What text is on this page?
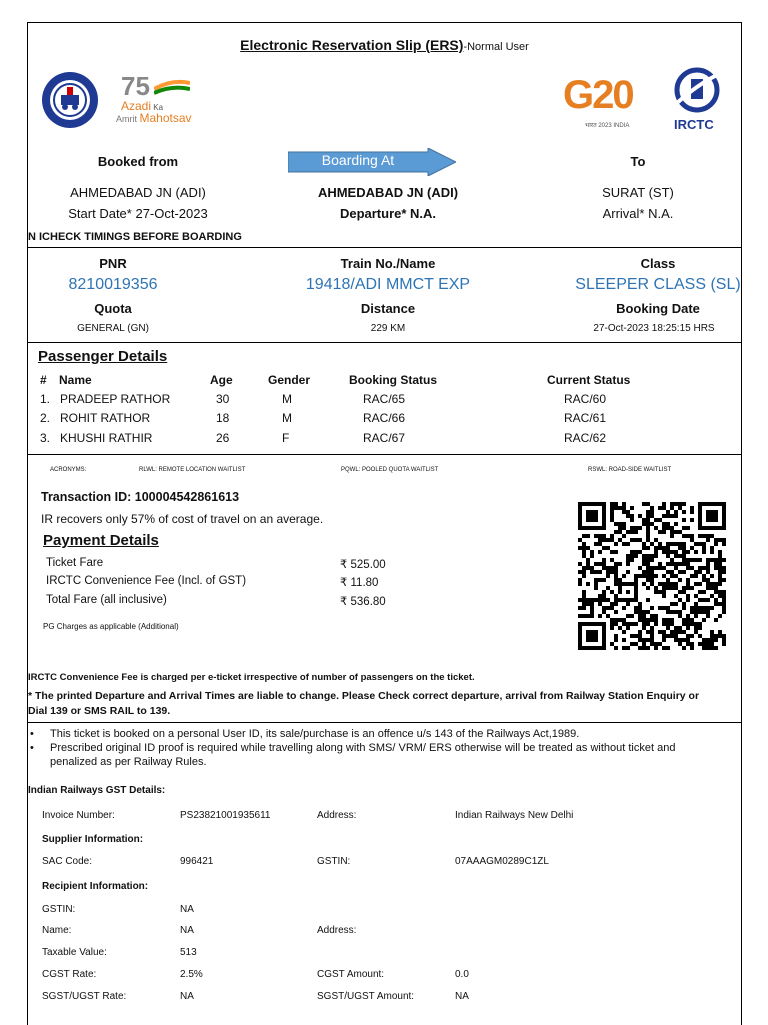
Electronic Reservation Slip (ERS)-Normal User
75
Azadi Ka
Amrit Mahotsav
G20
भारत 2023 INDIA	IRCTC
Booked from	Boarding At	To
AHMEDABAD JN (ADI)	AHMEDABAD JN (ADI)	SURAT (ST)
Start Date* 27-Oct-2023	Departure* N.A.	Arrival* N.A.
N ICHECK TIMINGS BEFORE BOARDING
PNR	Train No./Name	Class
8210019356	19418/ADI MMCT EXP	SLEEPER CLASS (SL)
Quota	Distance	Booking Date
GENERAL (GN)	229 KM	27-Oct-2023 18:25:15 HRS
Passenger Details
# Name	Age	Gender	Booking Status	Current Status
1. PRADEEP RATHOR	30	M	RAC/65	RAC/60
2. ROHIT RATHOR	18	M	RAC/66	RAC/61
3. KHUSHI RATHIR	26	F	RAC/67	RAC/62
ACRONYMS:	RLWL: REMOTE LOCATION WAITLIST	PQWL: POOLED QUOTA WAITLIST	RSWL: ROAD-SIDE WAITLIST
Transaction ID: 100004542861613
IR recovers only 57% of cost of travel on an average.
Payment Details
Ticket Fare	₹ 525.00
IRCTC Convenience Fee (Incl. of GST)	₹ 11.80
Total Fare (all inclusive)	₹ 536.80
PG Charges as applicable (Additional)
IRCTC Convenience Fee is charged per e-ticket irrespective of number of passengers on the ticket.
* The printed Departure and Arrival Times are liable to change. Please Check correct departure, arrival from Railway Station Enquiry or
Dial 139 or SMS RAIL to 139.
• This ticket is booked on a personal User ID, its sale/purchase is an offence u/s 143 of the Railways Act,1989.
• Prescribed original ID proof is required while travelling along with SMS/ VRM/ ERS otherwise will be treated as without ticket and
penalized as per Railway Rules.
Indian Railways GST Details:
Invoice Number:	PS23821001935611	Address:	Indian Railways New Delhi
Supplier Information:
SAC Code:	996421	GSTIN:	07AAAGM0289C1ZL
Recipient Information:
GSTIN:	NA
Name:	NA	Address:
Taxable Value:	513
CGST Rate:	2.5%	CGST Amount:	0.0
SGST/UGST Rate:	NA	SGST/UGST Amount:	NA
